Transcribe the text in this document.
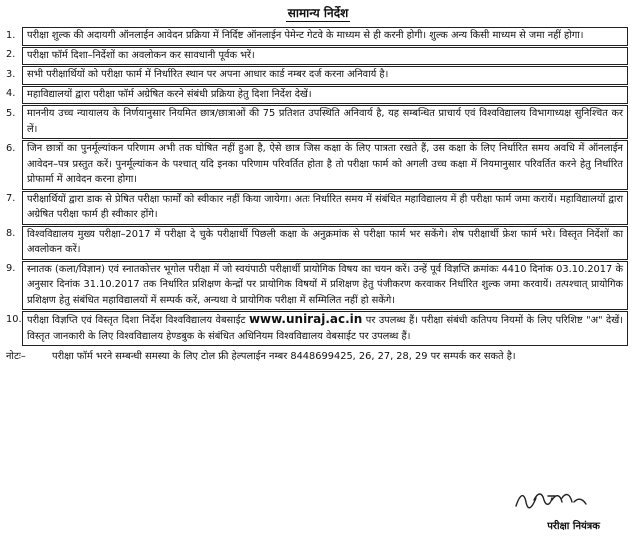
सामान्य निर्देश
1.	परीक्षा शुल्क की अदायगी ऑनलाईन आवेदन प्रक्रिया में निर्दिष्ट ऑनलाईन पेमेन्ट गेटवे के माध्यम से ही करनी होगी। शुल्क अन्य किसी माध्यम से जमा नहीं होगा।

2.	परीक्षा फॉर्म दिशा–निर्देशों का अवलोकन कर सावधानी पूर्वक भरें।

3.	सभी परीक्षार्थियों को परीक्षा फार्म में निर्धारित स्थान पर अपना आधार कार्ड नम्बर दर्ज करना अनिवार्य है।

4.	महाविद्यालयों द्वारा परीक्षा फॉर्म अग्रेषित करने संबंधी प्रक्रिया हेतु दिशा निर्देश देखें।

5.	माननीय उच्च न्यायालय के निर्णयानुसार नियमित छात्र/छात्राओं की 75 प्रतिशत उपस्थिति अनिवार्य है, यह सम्बन्धित प्राचार्य एवं विश्वविद्यालय विभागाध्यक्ष सुनिश्चित कर लें।

6.	जिन छात्रों का पुनर्मूल्यांकन परिणाम अभी तक घोषित नहीं हुआ है, ऐसे छात्र जिस कक्षा के लिए पात्रता रखते हैं, उस कक्षा के लिए निर्धारित समय अवधि में ऑनलाईन आवेदन–पत्र प्रस्तुत करें। पुनर्मूल्यांकन के पश्चात् यदि इनका परिणाम परिवर्तित होता है तो परीक्षा फार्म को अगली उच्च कक्षा में नियमानुसार परिवर्तित करने हेतु निर्धारित प्रोफार्मा में आवेदन करना होगा।

7.	परीक्षार्थियों द्वारा डाक से प्रेषित परीक्षा फार्मों को स्वीकार नहीं किया जायेगा। अतः निर्धारित समय में संबंधित महाविद्यालय में ही परीक्षा फार्म जमा करायें। महाविद्यालयों द्वारा अग्रेषित परीक्षा फार्म ही स्वीकार होंगे।

8.	विश्वविद्यालय मुख्य परीक्षा–2017 में परीक्षा दे चुके परीक्षार्थी पिछली कक्षा के अनुक्रमांक से परीक्षा फार्म भर सकेंगे। शेष परीक्षार्थी फ्रेश फार्म भरे। विस्तृत निर्देशों का अवलोकन करें।

9.	स्नातक (कला/विज्ञान) एवं स्नातकोत्तर भूगोल परीक्षा में जो स्वयंपाठी परीक्षार्थी प्रायोगिक विषय का चयन करें। उन्हें पूर्व विज्ञप्ति क्रमांकः 4410 दिनांक 03.10.2017 के अनुसार दिनांक 31.10.2017 तक निर्धारित प्रशिक्षण केन्द्रों पर प्रायोगिक विषयों में प्रशिक्षण हेतु पंजीकरण करवाकर निर्धारित शुल्क जमा करवायें। तत्पश्चात् प्रायोगिक प्रशिक्षण हेतु संबंधित महाविद्यालयों में सम्पर्क करें, अन्यथा वे प्रायोगिक परीक्षा में सम्मिलित नहीं हो सकेंगे।

10.	परीक्षा विज्ञप्ति एवं विस्तृत दिशा निर्देश विश्वविद्यालय वेबसाईट www.uniraj.ac.in पर उपलब्ध हैं। परीक्षा संबंधी कतिपय नियमों के लिए परिशिष्ट "अ" देखें। विस्तृत जानकारी के लिए विश्वविद्यालय हेण्डबुक के संबंधित अधिनियम विश्वविद्यालय वेबसाईट पर उपलब्ध हैं।
नोटः–	परीक्षा फॉर्म भरने सम्बन्धी समस्या के लिए टोल फ्री हेल्पलाईन नम्बर 8448699425, 26, 27, 28, 29 पर सम्पर्क कर सकते है।
परीक्षा नियंत्रक
